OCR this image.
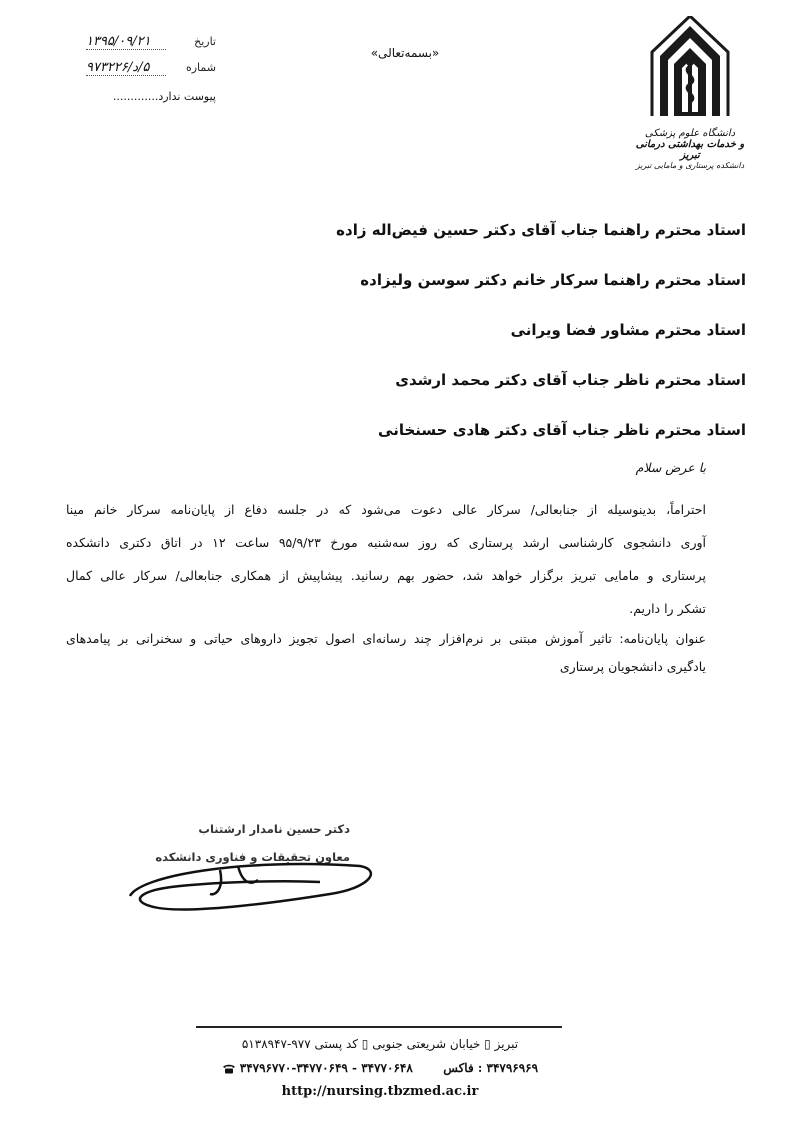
تاریخ
۱۳۹۵/۰۹/۲۱
شماره
۵/د/۹۷۳۲۲۶
پیوست ندارد.............
«بسمه‌تعالی»
دانشگاه علوم پزشکی
و خدمات بهداشتی درمانی تبریز
دانشکده پرستاری و مامایی تبریز
استاد محترم راهنما جناب آقای دکتر حسین فیض‌اله زاده
استاد محترم راهنما سرکار خانم دکتر سوسن ولیزاده
استاد محترم مشاور فضا ویرانی
استاد محترم ناظر جناب آقای دکتر محمد ارشدی
استاد محترم ناظر جناب آقای دکتر هادی حسنخانی

با عرض سلام

احتراماً، بدینوسیله از جنابعالی/ سرکار عالی دعوت می‌شود که در جلسه دفاع از پایان‌نامه سرکار خانم مینا
آوری دانشجوی کارشناسی ارشد پرستاری که روز سه‌شنبه مورخ ۹۵/۹/۲۳ ساعت ۱۲ در اتاق دکتری دانشکده
پرستاری و مامایی تبریز برگزار خواهد شد، حضور بهم رسانید. پیشاپیش از همکاری جنابعالی/ سرکار عالی کمال
تشکر را داریم.

عنوان پایان‌نامه: تاثیر آموزش مبتنی بر نرم‌افزار چند رسانه‌ای اصول تجویز داروهای حیاتی و سخنرانی بر پیامدهای
یادگیری دانشجویان پرستاری

دکتر حسین نامدار ارشتناب
معاون تحقیقات و فناوری دانشکده
تبریز ▯ خیابان شریعتی جنوبی ▯ کد پستی ۹۷۷-۵۱۳۸۹۴۷
۳۴۷۹۶۹۶۹ : فاکس        ۳۴۷۷۰۶۴۸ - ۳۴۷۷۰۶۴۹-۳۴۷۹۶۷۷۰
http://nursing.tbzmed.ac.ir
